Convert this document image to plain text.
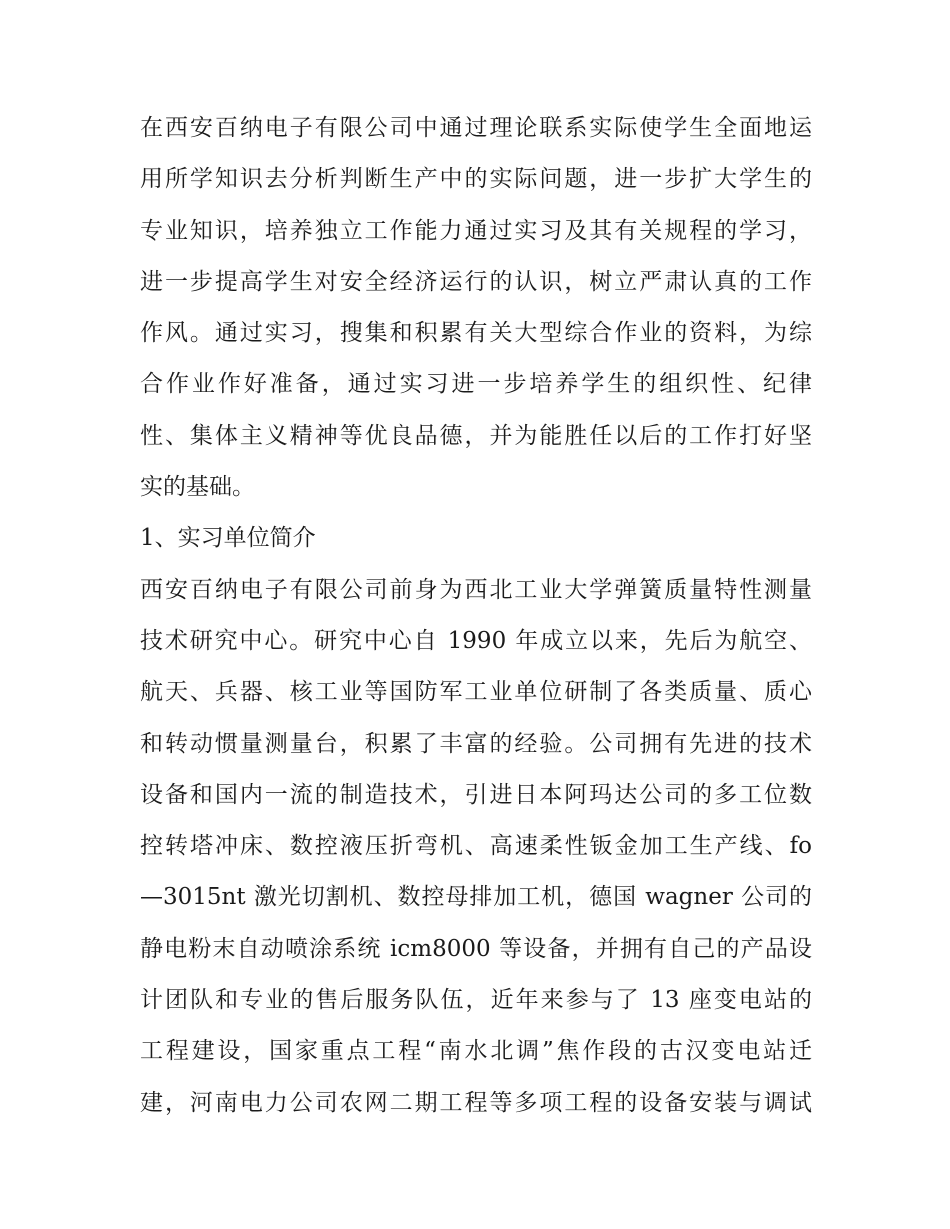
在西安百纳电子有限公司中通过理论联系实际使学生全面地运
用所学知识去分析判断生产中的实际问题，进一步扩大学生的
专业知识，培养独立工作能力通过实习及其有关规程的学习，
进一步提高学生对安全经济运行的认识，树立严肃认真的工作
作风。通过实习，搜集和积累有关大型综合作业的资料，为综
合作业作好准备，通过实习进一步培养学生的组织性、纪律
性、集体主义精神等优良品德，并为能胜任以后的工作打好坚
实的基础。
1、实习单位简介
西安百纳电子有限公司前身为西北工业大学弹簧质量特性测量
技术研究中心。研究中心自 1990 年成立以来，先后为航空、
航天、兵器、核工业等国防军工业单位研制了各类质量、质心
和转动惯量测量台，积累了丰富的经验。公司拥有先进的技术
设备和国内一流的制造技术，引进日本阿玛达公司的多工位数
控转塔冲床、数控液压折弯机、高速柔性钣金加工生产线、fo
—3015nt 激光切割机、数控母排加工机，德国 wagner 公司的
静电粉末自动喷涂系统 icm8000 等设备，并拥有自己的产品设
计团队和专业的售后服务队伍，近年来参与了 13 座变电站的
工程建设，国家重点工程“南水北调”焦作段的古汉变电站迁
建，河南电力公司农网二期工程等多项工程的设备安装与调试
